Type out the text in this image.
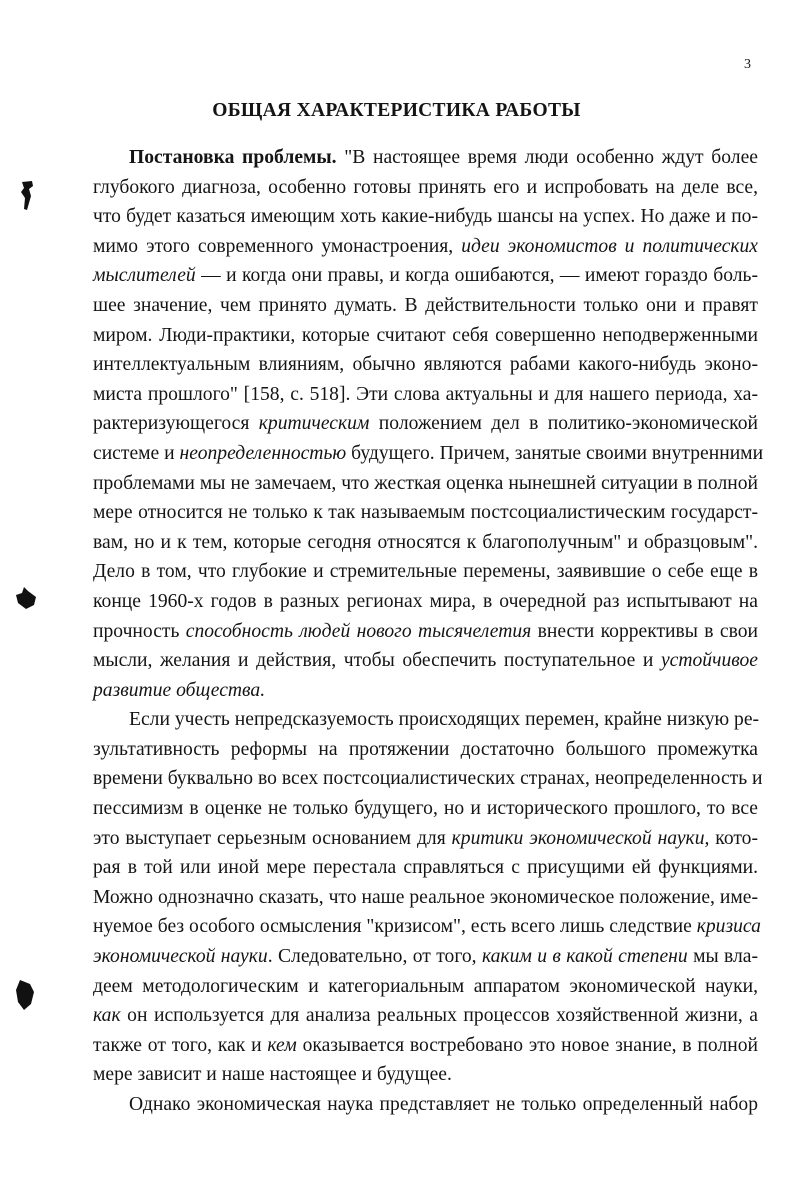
3
ОБЩАЯ ХАРАКТЕРИСТИКА РАБОТЫ
Постановка проблемы. "В настоящее время люди особенно ждут более
глубокого диагноза, особенно готовы принять его и испробовать на деле все,
что будет казаться имеющим хоть какие-нибудь шансы на успех. Но даже и по-
мимо этого современного умонастроения, идеи экономистов и политических
мыслителей — и когда они правы, и когда ошибаются, — имеют гораздо боль-
шее значение, чем принято думать. В действительности только они и правят
миром. Люди-практики, которые считают себя совершенно неподверженными
интеллектуальным влияниям, обычно являются рабами какого-нибудь эконо-
миста прошлого" [158, с. 518]. Эти слова актуальны и для нашего периода, ха-
рактеризующегося критическим положением дел в политико-экономической
системе и неопределенностью будущего. Причем, занятые своими внутренними
проблемами мы не замечаем, что жесткая оценка нынешней ситуации в полной
мере относится не только к так называемым постсоциалистическим государст-
вам, но и к тем, которые сегодня относятся к благополучным" и образцовым".
Дело в том, что глубокие и стремительные перемены, заявившие о себе еще в
конце 1960-х годов в разных регионах мира, в очередной раз испытывают на
прочность способность людей нового тысячелетия внести коррективы в свои
мысли, желания и действия, чтобы обеспечить поступательное и устойчивое
развитие общества.
Если учесть непредсказуемость происходящих перемен, крайне низкую ре-
зультативность реформы на протяжении достаточно большого промежутка
времени буквально во всех постсоциалистических странах, неопределенность и
пессимизм в оценке не только будущего, но и исторического прошлого, то все
это выступает серьезным основанием для критики экономической науки, кото-
рая в той или иной мере перестала справляться с присущими ей функциями.
Можно однозначно сказать, что наше реальное экономическое положение, име-
нуемое без особого осмысления "кризисом", есть всего лишь следствие кризиса
экономической науки. Следовательно, от того, каким и в какой степени мы вла-
деем методологическим и категориальным аппаратом экономической науки,
как он используется для анализа реальных процессов хозяйственной жизни, а
также от того, как и кем оказывается востребовано это новое знание, в полной
мере зависит и наше настоящее и будущее.
Однако экономическая наука представляет не только определенный набор
